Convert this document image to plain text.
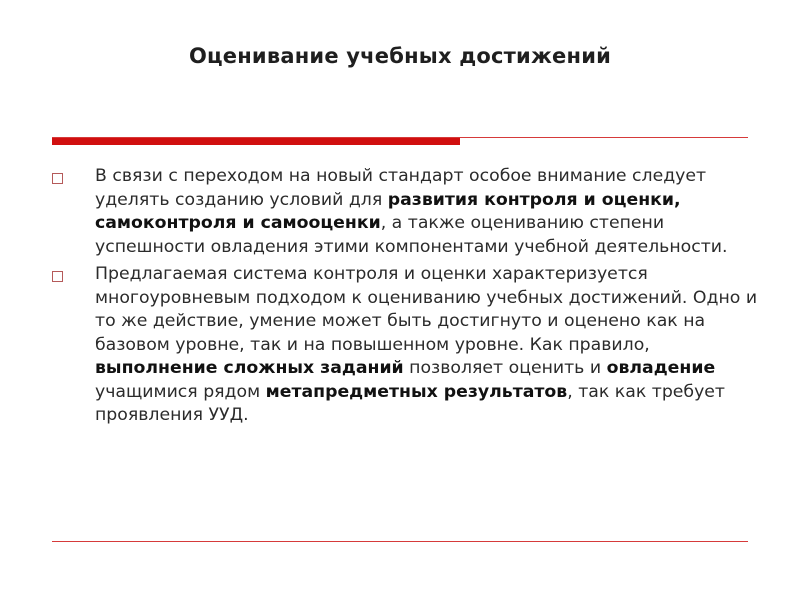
Оценивание учебных достижений
В связи с переходом на новый стандарт особое внимание следует уделять созданию условий для развития контроля и оценки, самоконтроля и самооценки, а также оцениванию степени успешности овладения этими компонентами учебной деятельности.
Предлагаемая система контроля и оценки характеризуется многоуровневым подходом к оцениванию учебных достижений. Одно и то же действие, умение может быть достигнуто и оценено как на базовом уровне, так и на повышенном уровне. Как правило, выполнение сложных заданий позволяет оценить и овладение учащимися рядом метапредметных результатов, так как требует проявления УУД.
